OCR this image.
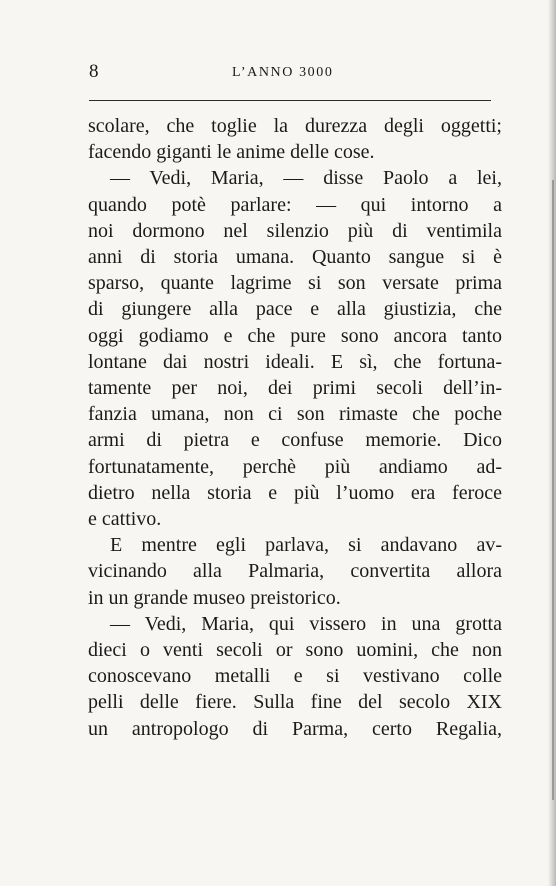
8	L’ANNO 3000
scolare, che toglie la durezza degli oggetti;
facendo giganti le anime delle cose.
— Vedi, Maria, — disse Paolo a lei,
quando potè parlare: — qui intorno a
noi dormono nel silenzio più di ventimila
anni di storia umana. Quanto sangue si è
sparso, quante lagrime si son versate prima
di giungere alla pace e alla giustizia, che
oggi godiamo e che pure sono ancora tanto
lontane dai nostri ideali. E sì, che fortuna-
tamente per noi, dei primi secoli dell’in-
fanzia umana, non ci son rimaste che poche
armi di pietra e confuse memorie. Dico
fortunatamente, perchè più andiamo ad-
dietro nella storia e più l’uomo era feroce
e cattivo.
E mentre egli parlava, si andavano av-
vicinando alla Palmaria, convertita allora
in un grande museo preistorico.
— Vedi, Maria, qui vissero in una grotta
dieci o venti secoli or sono uomini, che non
conoscevano metalli e si vestivano colle
pelli delle fiere. Sulla fine del secolo XIX
un antropologo di Parma, certo Regalia,
